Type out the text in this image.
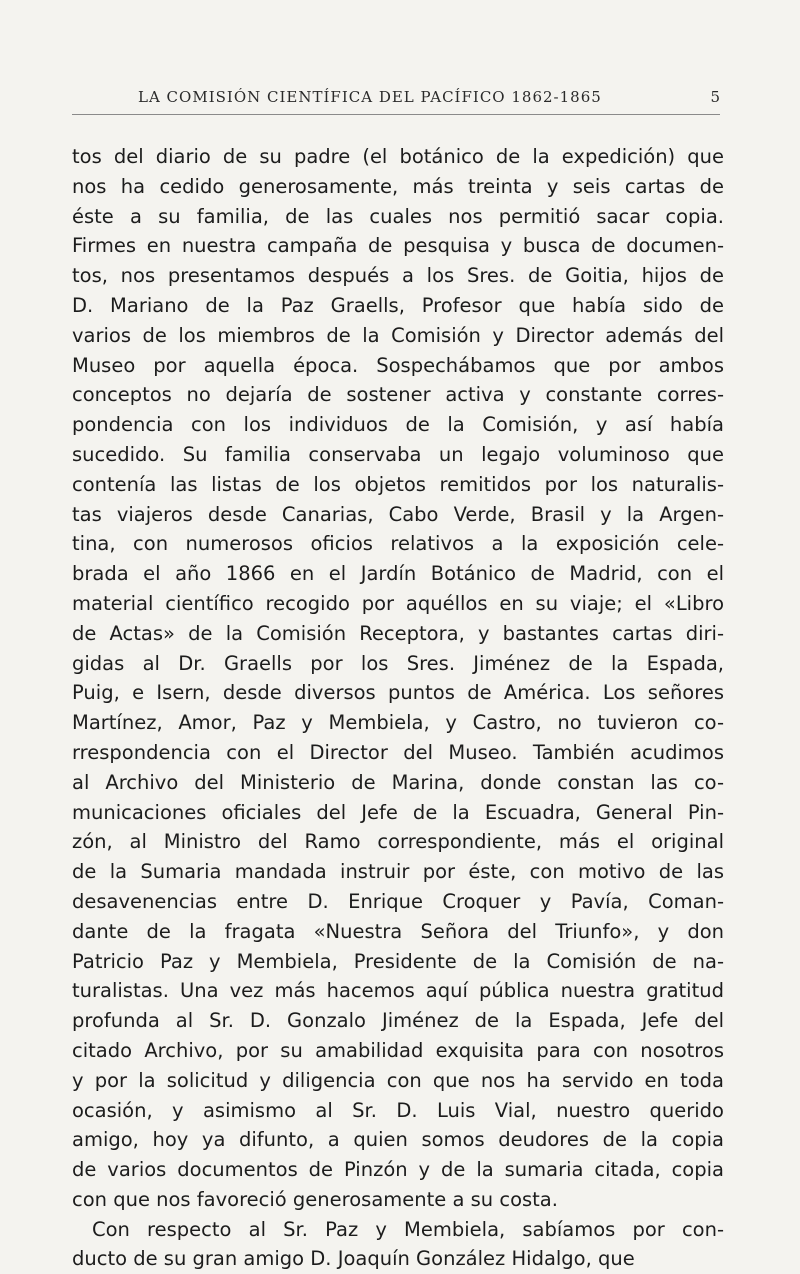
LA COMISIÓN CIENTÍFICA DEL PACÍFICO 1862-1865	5
tos del diario de su padre (el botánico de la expedición) que
nos ha cedido generosamente, más treinta y seis cartas de
éste a su familia, de las cuales nos permitió sacar copia.
Firmes en nuestra campaña de pesquisa y busca de documen-
tos, nos presentamos después a los Sres. de Goitia, hijos de
D. Mariano de la Paz Graells, Profesor que había sido de
varios de los miembros de la Comisión y Director además del
Museo por aquella época. Sospechábamos que por ambos
conceptos no dejaría de sostener activa y constante corres-
pondencia con los individuos de la Comisión, y así había
sucedido. Su familia conservaba un legajo voluminoso que
contenía las listas de los objetos remitidos por los naturalis-
tas viajeros desde Canarias, Cabo Verde, Brasil y la Argen-
tina, con numerosos oficios relativos a la exposición cele-
brada el año 1866 en el Jardín Botánico de Madrid, con el
material científico recogido por aquéllos en su viaje; el «Libro
de Actas» de la Comisión Receptora, y bastantes cartas diri-
gidas al Dr. Graells por los Sres. Jiménez de la Espada,
Puig, e Isern, desde diversos puntos de América. Los señores
Martínez, Amor, Paz y Membiela, y Castro, no tuvieron co-
rrespondencia con el Director del Museo. También acudimos
al Archivo del Ministerio de Marina, donde constan las co-
municaciones oficiales del Jefe de la Escuadra, General Pin-
zón, al Ministro del Ramo correspondiente, más el original
de la Sumaria mandada instruir por éste, con motivo de las
desavenencias entre D. Enrique Croquer y Pavía, Coman-
dante de la fragata «Nuestra Señora del Triunfo», y don
Patricio Paz y Membiela, Presidente de la Comisión de na-
turalistas. Una vez más hacemos aquí pública nuestra gratitud
profunda al Sr. D. Gonzalo Jiménez de la Espada, Jefe del
citado Archivo, por su amabilidad exquisita para con nosotros
y por la solicitud y diligencia con que nos ha servido en toda
ocasión, y asimismo al Sr. D. Luis Vial, nuestro querido
amigo, hoy ya difunto, a quien somos deudores de la copia
de varios documentos de Pinzón y de la sumaria citada, copia
con que nos favoreció generosamente a su costa.
Con respecto al Sr. Paz y Membiela, sabíamos por con-
ducto de su gran amigo D. Joaquín González Hidalgo, que
